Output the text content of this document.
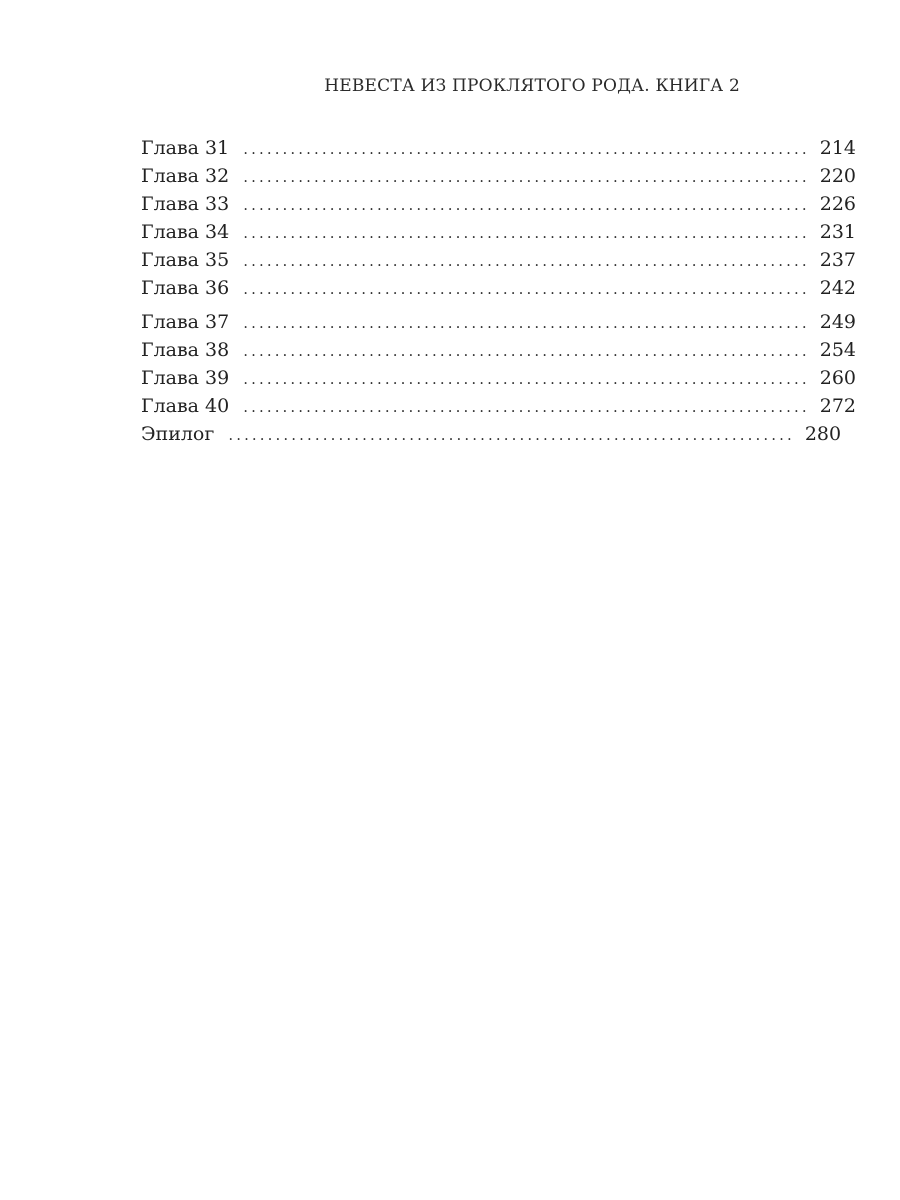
НЕВЕСТА ИЗ ПРОКЛЯТОГО РОДА. КНИГА 2
Глава 31 ........................................................................ 214
Глава 32 ........................................................................ 220
Глава 33 ........................................................................ 226
Глава 34 ........................................................................ 231
Глава 35 ........................................................................ 237
Глава 36 ........................................................................ 242
Глава 37 ........................................................................ 249
Глава 38 ........................................................................ 254
Глава 39 ........................................................................ 260
Глава 40 ........................................................................ 272
Эпилог ........................................................................ 280
